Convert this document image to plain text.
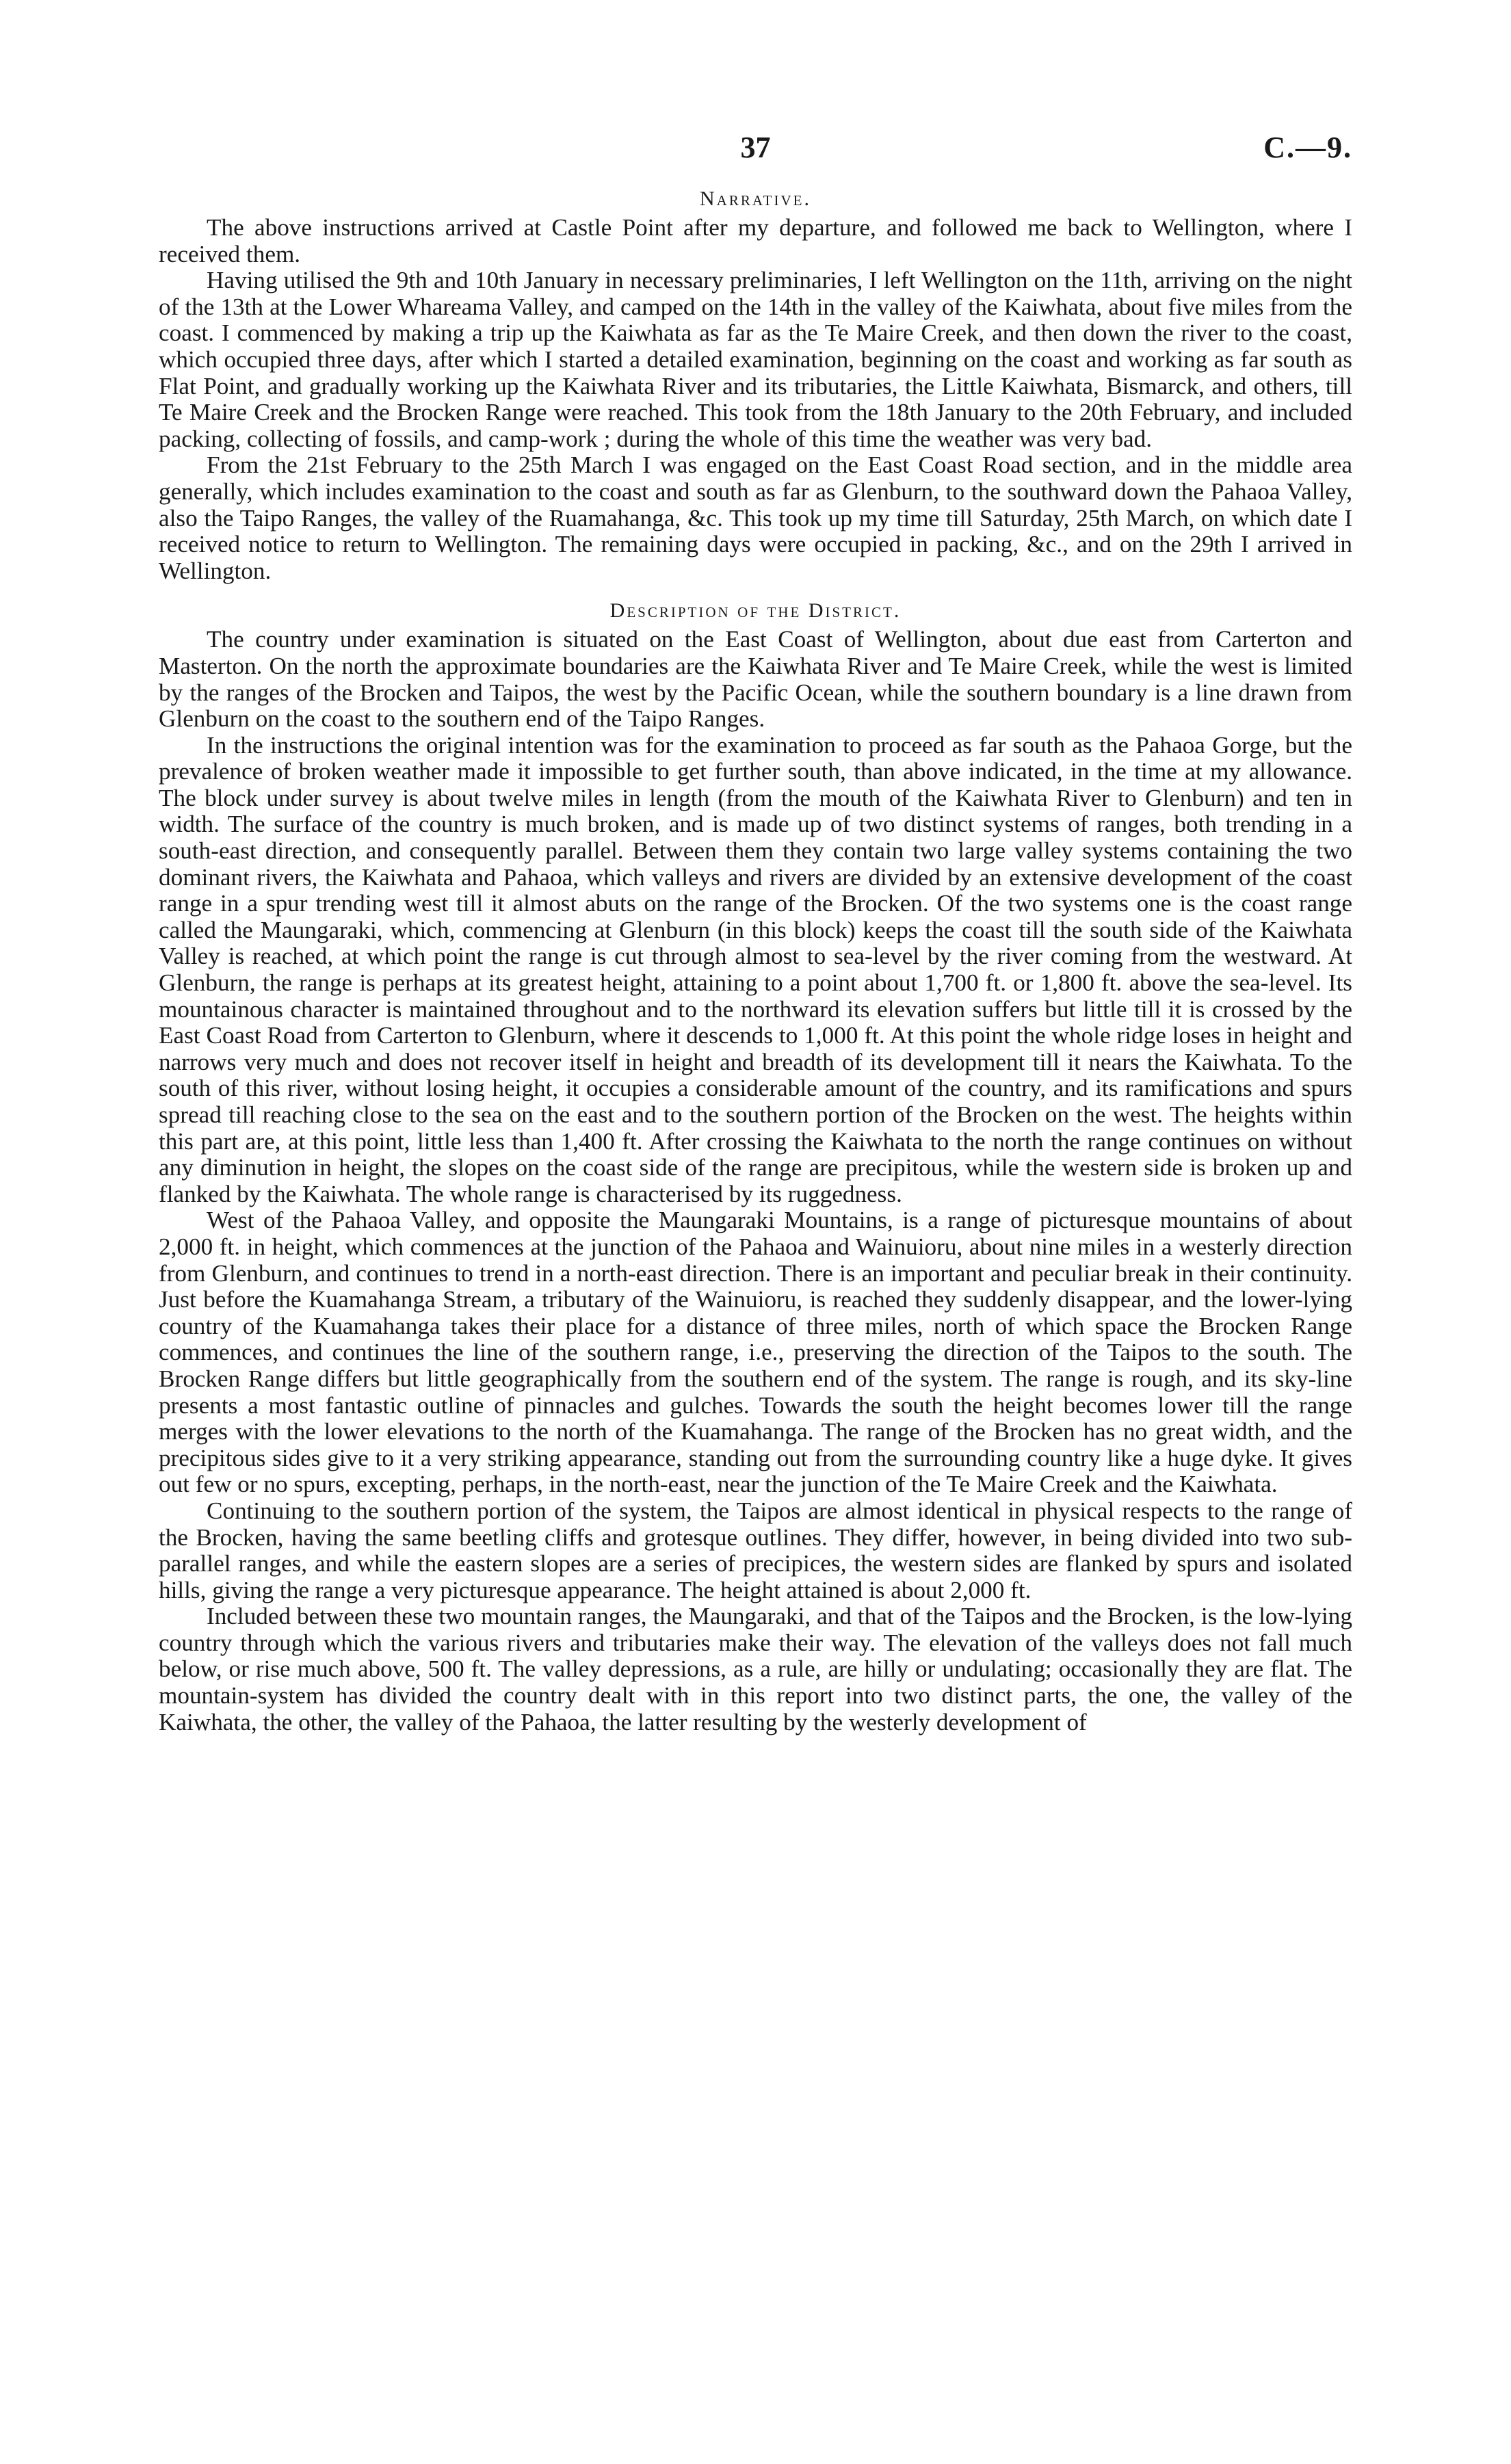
37	C.—9.
Narrative.

The above instructions arrived at Castle Point after my departure, and followed me back to Wellington, where I received them.

Having utilised the 9th and 10th January in necessary preliminaries, I left Wellington on the 11th, arriving on the night of the 13th at the Lower Whareama Valley, and camped on the 14th in the valley of the Kaiwhata, about five miles from the coast. I commenced by making a trip up the Kaiwhata as far as the Te Maire Creek, and then down the river to the coast, which occupied three days, after which I started a detailed examination, beginning on the coast and working as far south as Flat Point, and gradually working up the Kaiwhata River and its tributaries, the Little Kaiwhata, Bismarck, and others, till Te Maire Creek and the Brocken Range were reached. This took from the 18th January to the 20th February, and included packing, collecting of fossils, and camp-work ; during the whole of this time the weather was very bad.

From the 21st February to the 25th March I was engaged on the East Coast Road section, and in the middle area generally, which includes examination to the coast and south as far as Glenburn, to the southward down the Pahaoa Valley, also the Taipo Ranges, the valley of the Ruamahanga, &c. This took up my time till Saturday, 25th March, on which date I received notice to return to Wellington. The remaining days were occupied in packing, &c., and on the 29th I arrived in Wellington.

Description of the District.

The country under examination is situated on the East Coast of Wellington, about due east from Carterton and Masterton. On the north the approximate boundaries are the Kaiwhata River and Te Maire Creek, while the west is limited by the ranges of the Brocken and Taipos, the west by the Pacific Ocean, while the southern boundary is a line drawn from Glenburn on the coast to the southern end of the Taipo Ranges.

In the instructions the original intention was for the examination to proceed as far south as the Pahaoa Gorge, but the prevalence of broken weather made it impossible to get further south, than above indicated, in the time at my allowance. The block under survey is about twelve miles in length (from the mouth of the Kaiwhata River to Glenburn) and ten in width. The surface of the country is much broken, and is made up of two distinct systems of ranges, both trending in a south-east direction, and consequently parallel. Between them they contain two large valley systems containing the two dominant rivers, the Kaiwhata and Pahaoa, which valleys and rivers are divided by an extensive development of the coast range in a spur trending west till it almost abuts on the range of the Brocken. Of the two systems one is the coast range called the Maungaraki, which, commencing at Glenburn (in this block) keeps the coast till the south side of the Kaiwhata Valley is reached, at which point the range is cut through almost to sea-level by the river coming from the westward. At Glenburn, the range is perhaps at its greatest height, attaining to a point about 1,700 ft. or 1,800 ft. above the sea-level. Its mountainous character is maintained throughout and to the northward its elevation suffers but little till it is crossed by the East Coast Road from Carterton to Glenburn, where it descends to 1,000 ft. At this point the whole ridge loses in height and narrows very much and does not recover itself in height and breadth of its development till it nears the Kaiwhata. To the south of this river, without losing height, it occupies a considerable amount of the country, and its ramifications and spurs spread till reaching close to the sea on the east and to the southern portion of the Brocken on the west. The heights within this part are, at this point, little less than 1,400 ft. After crossing the Kaiwhata to the north the range continues on without any diminution in height, the slopes on the coast side of the range are precipitous, while the western side is broken up and flanked by the Kaiwhata. The whole range is characterised by its ruggedness.

West of the Pahaoa Valley, and opposite the Maungaraki Mountains, is a range of picturesque mountains of about 2,000 ft. in height, which commences at the junction of the Pahaoa and Wainuioru, about nine miles in a westerly direction from Glenburn, and continues to trend in a north-east direction. There is an important and peculiar break in their continuity. Just before the Kuamahanga Stream, a tributary of the Wainuioru, is reached they suddenly disappear, and the lower-lying country of the Kuamahanga takes their place for a distance of three miles, north of which space the Brocken Range commences, and continues the line of the southern range, i.e., preserving the direction of the Taipos to the south. The Brocken Range differs but little geographically from the southern end of the system. The range is rough, and its sky-line presents a most fantastic outline of pinnacles and gulches. Towards the south the height becomes lower till the range merges with the lower elevations to the north of the Kuamahanga. The range of the Brocken has no great width, and the precipitous sides give to it a very striking appearance, standing out from the surrounding country like a huge dyke. It gives out few or no spurs, excepting, perhaps, in the north-east, near the junction of the Te Maire Creek and the Kaiwhata.

Continuing to the southern portion of the system, the Taipos are almost identical in physical respects to the range of the Brocken, having the same beetling cliffs and grotesque outlines. They differ, however, in being divided into two sub-parallel ranges, and while the eastern slopes are a series of precipices, the western sides are flanked by spurs and isolated hills, giving the range a very picturesque appearance. The height attained is about 2,000 ft.

Included between these two mountain ranges, the Maungaraki, and that of the Taipos and the Brocken, is the low-lying country through which the various rivers and tributaries make their way. The elevation of the valleys does not fall much below, or rise much above, 500 ft. The valley depressions, as a rule, are hilly or undulating; occasionally they are flat. The mountain-system has divided the country dealt with in this report into two distinct parts, the one, the valley of the Kaiwhata, the other, the valley of the Pahaoa, the latter resulting by the westerly development of
